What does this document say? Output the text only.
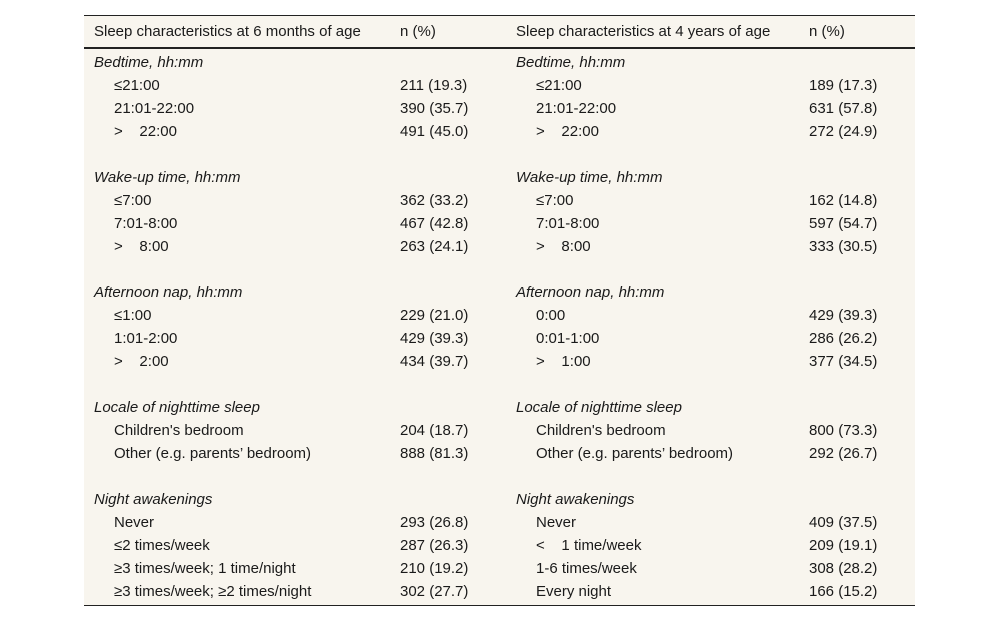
Sleep characteristics at 6 months of age	n (%)	Sleep characteristics at 4 years of age	n (%)
Bedtime, hh:mm		Bedtime, hh:mm	
≤21:00	211 (19.3)	≤21:00	189 (17.3)
21:01-22:00	390 (35.7)	21:01-22:00	631 (57.8)
>    22:00	491 (45.0)	>    22:00	272 (24.9)

Wake-up time, hh:mm		Wake-up time, hh:mm	
≤7:00	362 (33.2)	≤7:00	162 (14.8)
7:01-8:00	467 (42.8)	7:01-8:00	597 (54.7)
>    8:00	263 (24.1)	>    8:00	333 (30.5)

Afternoon nap, hh:mm		Afternoon nap, hh:mm	
≤1:00	229 (21.0)	0:00	429 (39.3)
1:01-2:00	429 (39.3)	0:01-1:00	286 (26.2)
>    2:00	434 (39.7)	>    1:00	377 (34.5)

Locale of nighttime sleep		Locale of nighttime sleep	
Children's bedroom	204 (18.7)	Children's bedroom	800 (73.3)
Other (e.g. parents’ bedroom)	888 (81.3)	Other (e.g. parents’ bedroom)	292 (26.7)

Night awakenings		Night awakenings	
Never	293 (26.8)	Never	409 (37.5)
≤2 times/week	287 (26.3)	<    1 time/week	209 (19.1)
≥3 times/week; 1 time/night	210 (19.2)	1-6 times/week	308 (28.2)
≥3 times/week; ≥2 times/night	302 (27.7)	Every night	166 (15.2)
